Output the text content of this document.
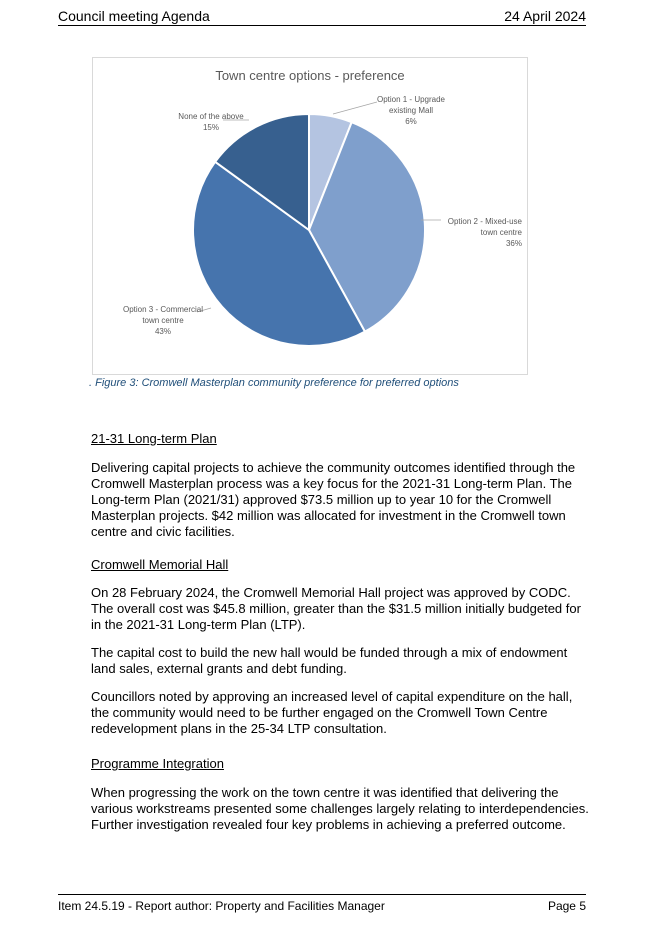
Council meeting Agenda	24 April 2024
Town centre options - preference
Option 1 - Upgrade
existing Mall
6%
Option 2 - Mixed-use
town centre
36%
Option 3 - Commercial
town centre
43%
None of the above
15%
. Figure 3: Cromwell Masterplan community preference for preferred options
21-31 Long-term Plan
Delivering capital projects to achieve the community outcomes identified through the
Cromwell Masterplan process was a key focus for the 2021-31 Long-term Plan. The
Long-term Plan (2021/31) approved $73.5 million up to year 10 for the Cromwell
Masterplan projects. $42 million was allocated for investment in the Cromwell town
centre and civic facilities.
Cromwell Memorial Hall
On 28 February 2024, the Cromwell Memorial Hall project was approved by CODC.
The overall cost was $45.8 million, greater than the $31.5 million initially budgeted for
in the 2021-31 Long-term Plan (LTP).
The capital cost to build the new hall would be funded through a mix of endowment
land sales, external grants and debt funding.
Councillors noted by approving an increased level of capital expenditure on the hall,
the community would need to be further engaged on the Cromwell Town Centre
redevelopment plans in the 25-34 LTP consultation.
Programme Integration
When progressing the work on the town centre it was identified that delivering the
various workstreams presented some challenges largely relating to interdependencies.
Further investigation revealed four key problems in achieving a preferred outcome.
Item 24.5.19 - Report author: Property and Facilities Manager	Page 5
